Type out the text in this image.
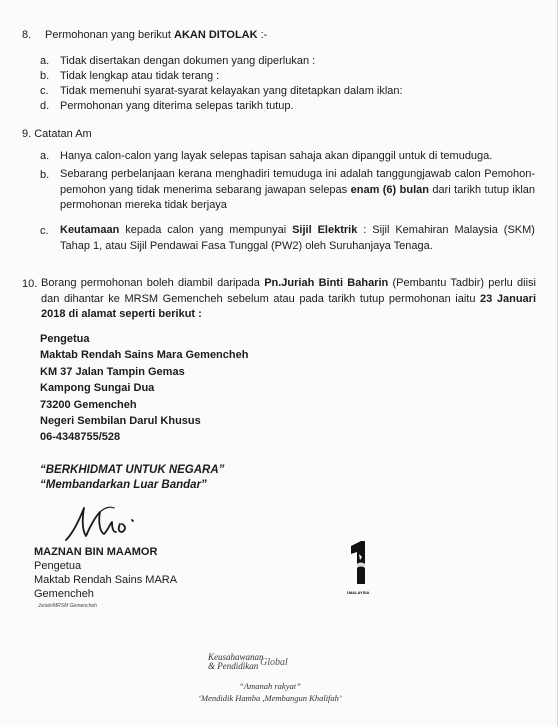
8. Permohonan yang berikut AKAN DITOLAK :-
a. Tidak disertakan dengan dokumen yang diperlukan :
b. Tidak lengkap atau tidak terang :
c. Tidak memenuhi syarat-syarat kelayakan yang ditetapkan dalam iklan:
d. Permohonan yang diterima selepas tarikh tutup.
9. Catatan Am
a. Hanya calon-calon yang layak selepas tapisan sahaja akan dipanggil untuk di temuduga.
b. Sebarang perbelanjaan kerana menghadiri temuduga ini adalah tanggungjawab calon Pemohon-pemohon yang tidak menerima sebarang jawapan selepas enam (6) bulan dari tarikh tutup iklan permohonan mereka tidak berjaya
c. Keutamaan kepada calon yang mempunyai Sijil Elektrik : Sijil Kemahiran Malaysia (SKM) Tahap 1, atau Sijil Pendawai Fasa Tunggal (PW2) oleh Suruhanjaya Tenaga.
10. Borang permohonan boleh diambil daripada Pn.Juriah Binti Baharin (Pembantu Tadbir) perlu diisi dan dihantar ke MRSM Gemencheh sebelum atau pada tarikh tutup permohonan iaitu 23 Januari 2018 di alamat seperti berikut :
Pengetua
Maktab Rendah Sains Mara Gemencheh
KM 37 Jalan Tampin Gemas
Kampong Sungai Dua
73200 Gemencheh
Negeri Sembilan Darul Khusus
06-4348755/528
“BERKHIDMAT UNTUK NEGARA”
“Membandarkan Luar Bandar”
MAZNAN BIN MAAMOR
Pengetua
Maktab Rendah Sains MARA
Gemencheh
Juriah/MRSM Gemencheh
1MALAYSIA
Keusahawanan
& Pendidikan Global
“Amanah rakyat”
‘Mendidik Hamba ,Membangun Khalifah’
